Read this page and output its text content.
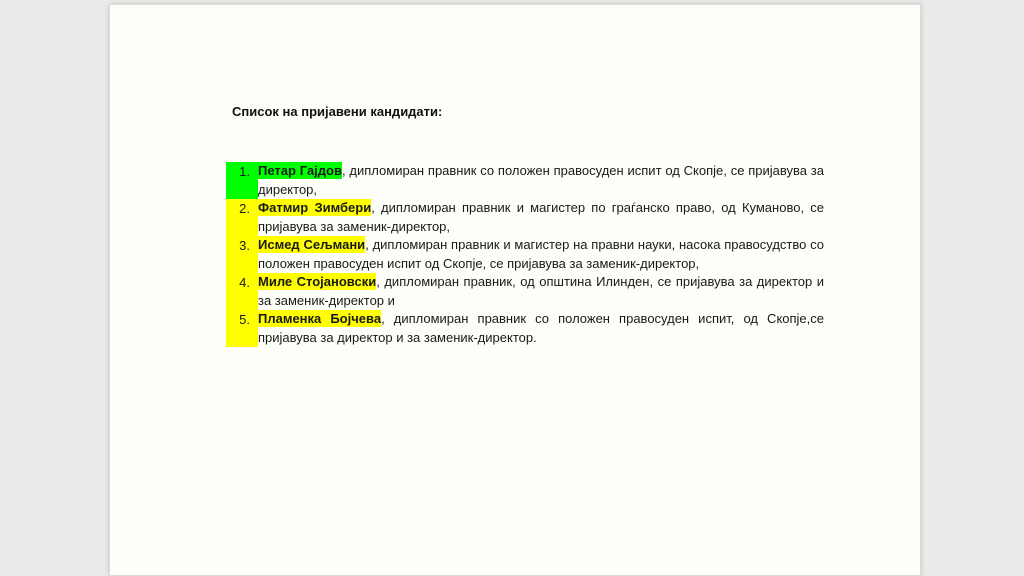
Список на пријавени кандидати:

1. Петар Гајдов, дипломиран правник со положен правосуден испит од Скопје, се пријавува за директор,
2. Фатмир Зимбери, дипломиран правник и магистер по граѓанско право, од Куманово, се пријавува за заменик-директор,
3. Исмед Сељмани, дипломиран правник и магистер на правни науки, насока правосудство со положен правосуден испит од Скопје, се пријавува за заменик-директор,
4. Миле Стојановски, дипломиран правник, од општина Илинден, се пријавува за директор и за заменик-директор и
5. Пламенка Бојчева, дипломиран правник со положен правосуден испит, од Скопје,се пријавува за директор и за заменик-директор.
